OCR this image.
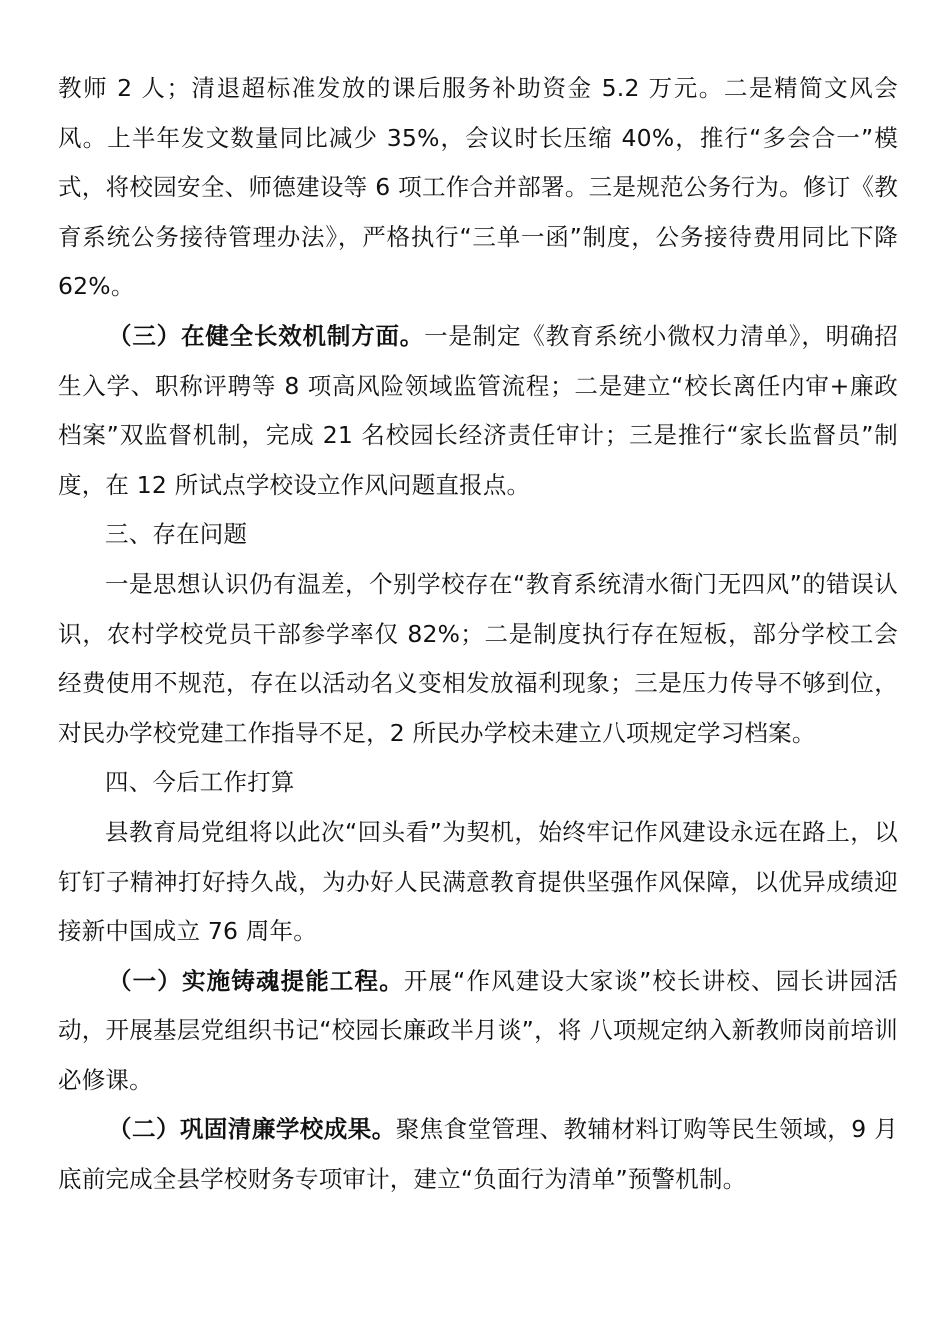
教师 2 人；清退超标准发放的课后服务补助资金 5.2 万元。二是精简文风会风。上半年发文数量同比减少 35%，会议时长压缩 40%，推行“多会合一”模式，将校园安全、师德建设等 6 项工作合并部署。三是规范公务行为。修订《教育系统公务接待管理办法》，严格执行“三单一函”制度，公务接待费用同比下降 62%。

（三）在健全长效机制方面。一是制定《教育系统小微权力清单》，明确招生入学、职称评聘等 8 项高风险领域监管流程；二是建立“校长离任内审+廉政档案”双监督机制，完成 21 名校园长经济责任审计；三是推行“家长监督员”制度，在 12 所试点学校设立作风问题直报点。

三、存在问题

一是思想认识仍有温差，个别学校存在“教育系统清水衙门无四风”的错误认识，农村学校党员干部参学率仅 82%；二是制度执行存在短板，部分学校工会经费使用不规范，存在以活动名义变相发放福利现象；三是压力传导不够到位，对民办学校党建工作指导不足，2 所民办学校未建立八项规定学习档案。

四、今后工作打算

县教育局党组将以此次“回头看”为契机，始终牢记作风建设永远在路上，以钉钉子精神打好持久战，为办好人民满意教育提供坚强作风保障，以优异成绩迎接新中国成立 76 周年。

（一）实施铸魂提能工程。开展“作风建设大家谈”校长讲校、园长讲园活动，开展基层党组织书记“校园长廉政半月谈”，将 八项规定纳入新教师岗前培训必修课。

（二）巩固清廉学校成果。聚焦食堂管理、教辅材料订购等民生领域，9 月底前完成全县学校财务专项审计，建立“负面行为清单”预警机制。
